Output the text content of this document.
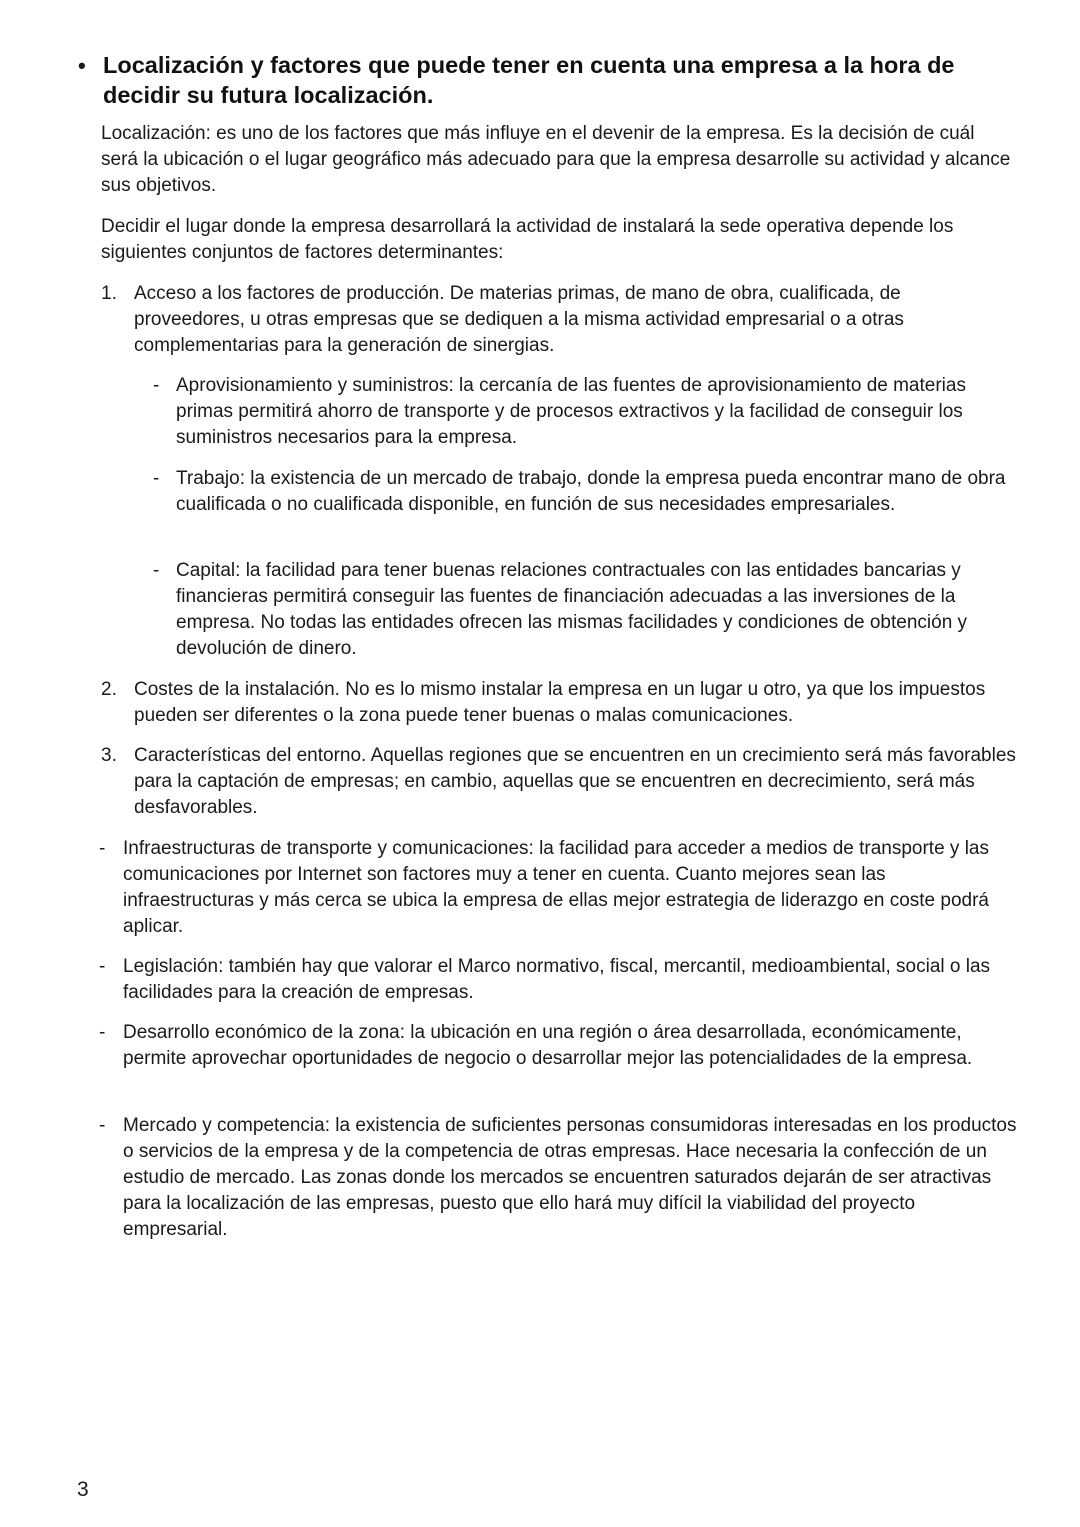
• Localización y factores que puede tener en cuenta una empresa a la hora de decidir su futura localización.

Localización: es uno de los factores que más influye en el devenir de la empresa. Es la decisión de cuál será la ubicación o el lugar geográfico más adecuado para que la empresa desarrolle su actividad y alcance sus objetivos.

Decidir el lugar donde la empresa desarrollará la actividad de instalará la sede operativa depende los siguientes conjuntos de factores determinantes:

1. Acceso a los factores de producción. De materias primas, de mano de obra, cualificada, de proveedores, u otras empresas que se dediquen a la misma actividad empresarial o a otras complementarias para la generación de sinergias.
- Aprovisionamiento y suministros: la cercanía de las fuentes de aprovisionamiento de materias primas permitirá ahorro de transporte y de procesos extractivos y la facilidad de conseguir los suministros necesarios para la empresa.
- Trabajo: la existencia de un mercado de trabajo, donde la empresa pueda encontrar mano de obra cualificada o no cualificada disponible, en función de sus necesidades empresariales.
- Capital: la facilidad para tener buenas relaciones contractuales con las entidades bancarias y financieras permitirá conseguir las fuentes de financiación adecuadas a las inversiones de la empresa. No todas las entidades ofrecen las mismas facilidades y condiciones de obtención y devolución de dinero.
2. Costes de la instalación. No es lo mismo instalar la empresa en un lugar u otro, ya que los impuestos pueden ser diferentes o la zona puede tener buenas o malas comunicaciones.
3. Características del entorno. Aquellas regiones que se encuentren en un crecimiento será más favorables para la captación de empresas; en cambio, aquellas que se encuentren en decrecimiento, será más desfavorables.
- Infraestructuras de transporte y comunicaciones: la facilidad para acceder a medios de transporte y las comunicaciones por Internet son factores muy a tener en cuenta. Cuanto mejores sean las infraestructuras y más cerca se ubica la empresa de ellas mejor estrategia de liderazgo en coste podrá aplicar.
- Legislación: también hay que valorar el Marco normativo, fiscal, mercantil, medioambiental, social o las facilidades para la creación de empresas.
- Desarrollo económico de la zona: la ubicación en una región o área desarrollada, económicamente, permite aprovechar oportunidades de negocio o desarrollar mejor las potencialidades de la empresa.
- Mercado y competencia: la existencia de suficientes personas consumidoras interesadas en los productos o servicios de la empresa y de la competencia de otras empresas. Hace necesaria la confección de un estudio de mercado. Las zonas donde los mercados se encuentren saturados dejarán de ser atractivas para la localización de las empresas, puesto que ello hará muy difícil la viabilidad del proyecto empresarial.
3
